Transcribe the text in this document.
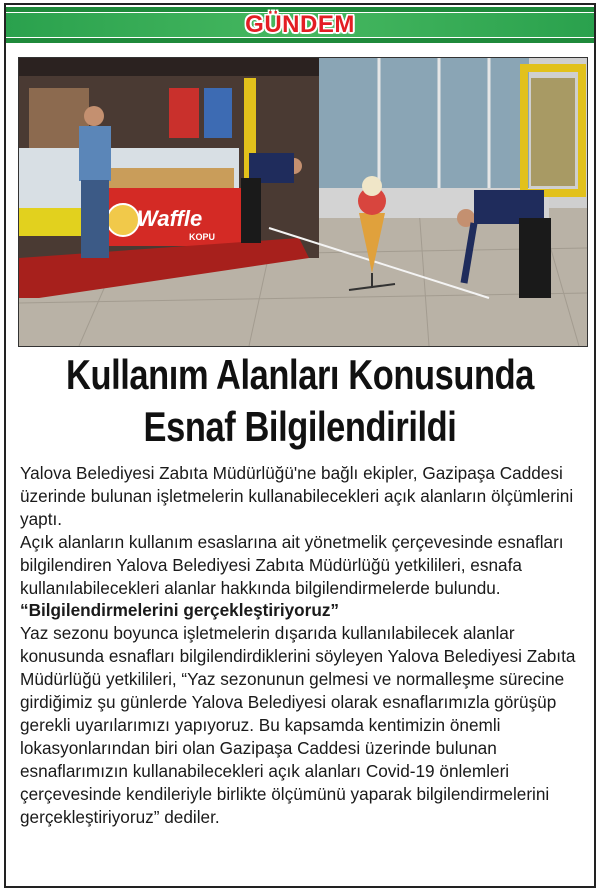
GÜNDEM
Waffle
KOPU
Kullanım Alanları Konusunda
Esnaf Bilgilendirildi

Yalova Belediyesi Zabıta Müdürlüğü'ne bağlı ekipler, Gazipaşa Caddesi üzerinde bulunan işletmelerin kullanabilecekleri açık alanların ölçümlerini yaptı.

Açık alanların kullanım esaslarına ait yönetmelik çerçevesinde esnafları bilgilendiren Yalova Belediyesi Zabıta Müdürlüğü yetkilileri, esnafa kullanılabilecekleri alanlar hakkında bilgilendirmelerde bulundu.

“Bilgilendirmelerini gerçekleştiriyoruz”

Yaz sezonu boyunca işletmelerin dışarıda kullanılabilecek alanlar konusunda esnafları bilgilendirdiklerini söyleyen Yalova Belediyesi Zabıta Müdürlüğü yetkilileri, “Yaz sezonunun gelmesi ve normalleşme sürecine girdiğimiz şu günlerde Yalova Belediyesi olarak esnaflarımızla görüşüp gerekli uyarılarımızı yapıyoruz. Bu kapsamda kentimizin önemli lokasyonlarından biri olan Gazipaşa Caddesi üzerinde bulunan esnaflarımızın kullanabilecekleri açık alanları Covid-19 önlemleri çerçevesinde kendileriyle birlikte ölçümünü yaparak bilgilendirmelerini gerçekleştiriyoruz” dediler.
